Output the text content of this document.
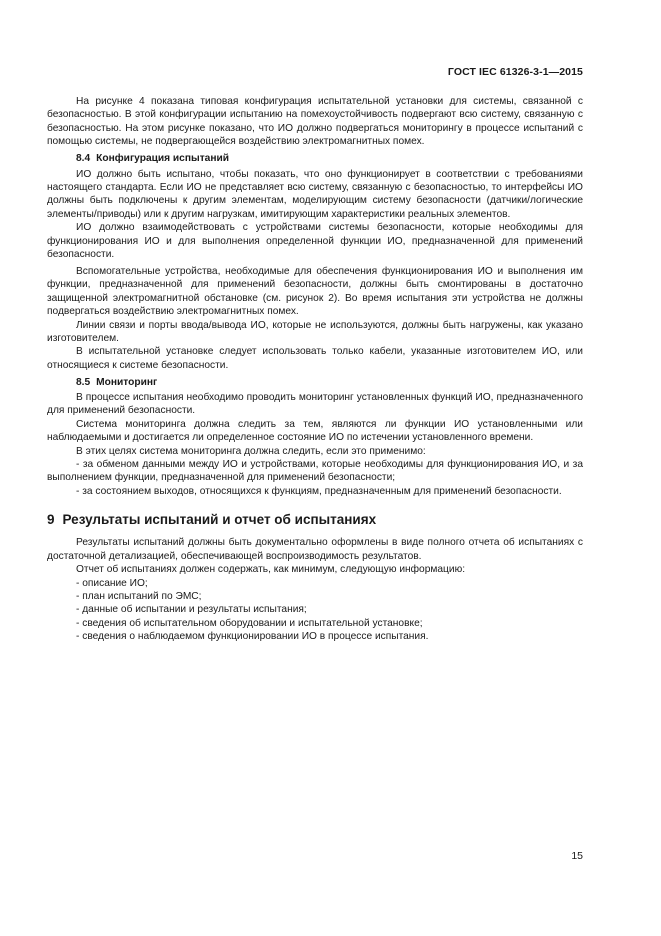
ГОСТ IEC 61326-3-1—2015

На рисунке 4 показана типовая конфигурация испытательной установки для системы, связанной с безопасностью. В этой конфигурации испытанию на помехоустойчивость подвергают всю систему, связанную с безопасностью. На этом рисунке показано, что ИО должно подвергаться мониторингу в процессе испытаний с помощью системы, не подвергающейся воздействию электромагнитных помех.

8.4 Конфигурация испытаний

ИО должно быть испытано, чтобы показать, что оно функционирует в соответствии с требованиями настоящего стандарта. Если ИО не представляет всю систему, связанную с безопасностью, то интерфейсы ИО должны быть подключены к другим элементам, моделирующим систему безопасности (датчики/логические элементы/приводы) или к другим нагрузкам, имитирующим характеристики реальных элементов.

ИО должно взаимодействовать с устройствами системы безопасности, которые необходимы для функционирования ИО и для выполнения определенной функции ИО, предназначенной для применений безопасности.

Вспомогательные устройства, необходимые для обеспечения функционирования ИО и выполнения им функции, предназначенной для применений безопасности, должны быть смонтированы в достаточно защищенной электромагнитной обстановке (см. рисунок 2). Во время испытания эти устройства не должны подвергаться воздействию электромагнитных помех.

Линии связи и порты ввода/вывода ИО, которые не используются, должны быть нагружены, как указано изготовителем.

В испытательной установке следует использовать только кабели, указанные изготовителем ИО, или относящиеся к системе безопасности.

8.5 Мониторинг

В процессе испытания необходимо проводить мониторинг установленных функций ИО, предназначенного для применений безопасности.

Система мониторинга должна следить за тем, являются ли функции ИО установленными или наблюдаемыми и достигается ли определенное состояние ИО по истечении установленного времени.

В этих целях система мониторинга должна следить, если это применимо:

- за обменом данными между ИО и устройствами, которые необходимы для функционирования ИО, и за выполнением функции, предназначенной для применений безопасности;

- за состоянием выходов, относящихся к функциям, предназначенным для применений безопасности.

9 Результаты испытаний и отчет об испытаниях

Результаты испытаний должны быть документально оформлены в виде полного отчета об испытаниях с достаточной детализацией, обеспечивающей воспроизводимость результатов.

Отчет об испытаниях должен содержать, как минимум, следующую информацию:

- описание ИО;

- план испытаний по ЭМС;

- данные об испытании и результаты испытания;

- сведения об испытательном оборудовании и испытательной установке;

- сведения о наблюдаемом функционировании ИО в процессе испытания.

15
